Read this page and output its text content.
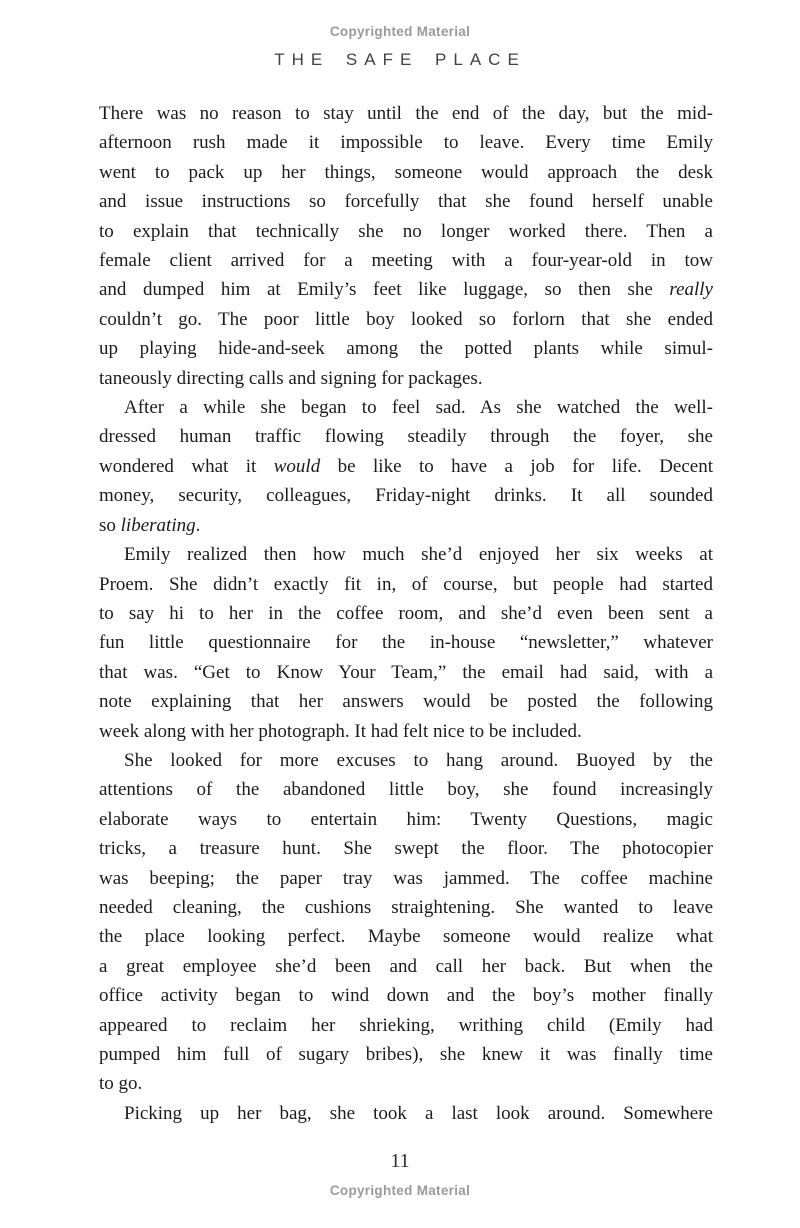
Copyrighted Material
THE SAFE PLACE
There was no reason to stay until the end of the day, but the mid-
afternoon rush made it impossible to leave. Every time Emily
went to pack up her things, someone would approach the desk
and issue instructions so forcefully that she found herself unable
to explain that technically she no longer worked there. Then a
female client arrived for a meeting with a four-year-old in tow
and dumped him at Emily’s feet like luggage, so then she really
couldn’t go. The poor little boy looked so forlorn that she ended
up playing hide-and-seek among the potted plants while simul-
taneously directing calls and signing for packages.
After a while she began to feel sad. As she watched the well-
dressed human traffic flowing steadily through the foyer, she
wondered what it would be like to have a job for life. Decent
money, security, colleagues, Friday-night drinks. It all sounded
so liberating.
Emily realized then how much she’d enjoyed her six weeks at
Proem. She didn’t exactly fit in, of course, but people had started
to say hi to her in the coffee room, and she’d even been sent a
fun little questionnaire for the in-house “newsletter,” whatever
that was. “Get to Know Your Team,” the email had said, with a
note explaining that her answers would be posted the following
week along with her photograph. It had felt nice to be included.
She looked for more excuses to hang around. Buoyed by the
attentions of the abandoned little boy, she found increasingly
elaborate ways to entertain him: Twenty Questions, magic
tricks, a treasure hunt. She swept the floor. The photocopier
was beeping; the paper tray was jammed. The coffee machine
needed cleaning, the cushions straightening. She wanted to leave
the place looking perfect. Maybe someone would realize what
a great employee she’d been and call her back. But when the
office activity began to wind down and the boy’s mother finally
appeared to reclaim her shrieking, writhing child (Emily had
pumped him full of sugary bribes), she knew it was finally time
to go.
Picking up her bag, she took a last look around. Somewhere
11
Copyrighted Material
